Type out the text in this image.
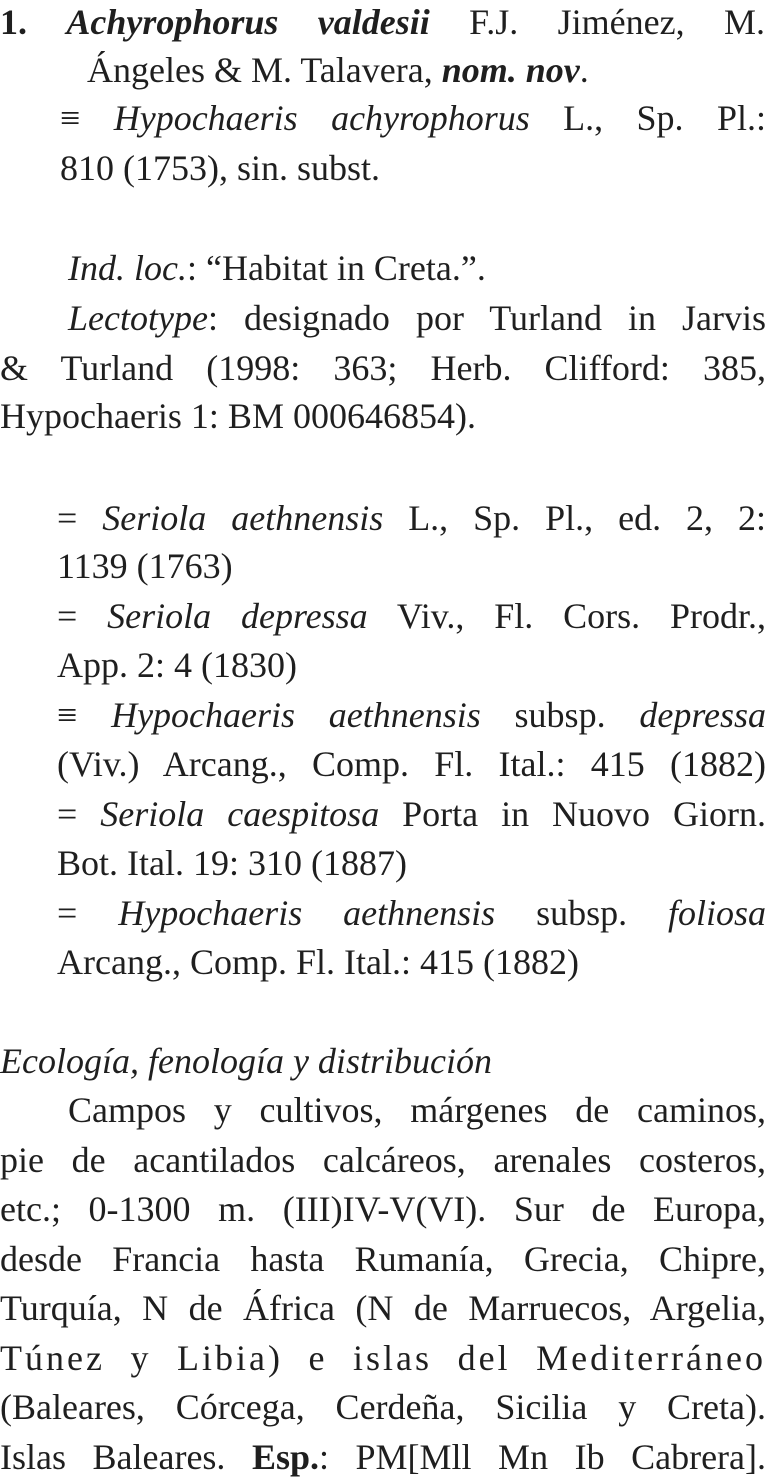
1. Achyrophorus valdesii F.J. Jiménez, M.
Ángeles & M. Talavera, nom. nov.
≡ Hypochaeris achyrophorus L., Sp. Pl.:
810 (1753), sin. subst.
Ind. loc.: “Habitat in Creta.”.
Lectotype: designado por Turland in Jarvis
& Turland (1998: 363; Herb. Clifford: 385,
Hypochaeris 1: BM 000646854).
= Seriola aethnensis L., Sp. Pl., ed. 2, 2:
1139 (1763)
= Seriola depressa Viv., Fl. Cors. Prodr.,
App. 2: 4 (1830)
≡ Hypochaeris aethnensis subsp. depressa
(Viv.) Arcang., Comp. Fl. Ital.: 415 (1882)
= Seriola caespitosa Porta in Nuovo Giorn.
Bot. Ital. 19: 310 (1887)
= Hypochaeris aethnensis subsp. foliosa
Arcang., Comp. Fl. Ital.: 415 (1882)
Ecología, fenología y distribución
Campos y cultivos, márgenes de caminos,
pie de acantilados calcáreos, arenales costeros,
etc.; 0-1300 m. (III)IV-V(VI). Sur de Europa,
desde Francia hasta Rumanía, Grecia, Chipre,
Turquía, N de África (N de Marruecos, Argelia,
Túnez y Libia) e islas del Mediterráneo
(Baleares, Córcega, Cerdeña, Sicilia y Creta).
Islas Baleares. Esp.: PM[Mll Mn Ib Cabrera].
